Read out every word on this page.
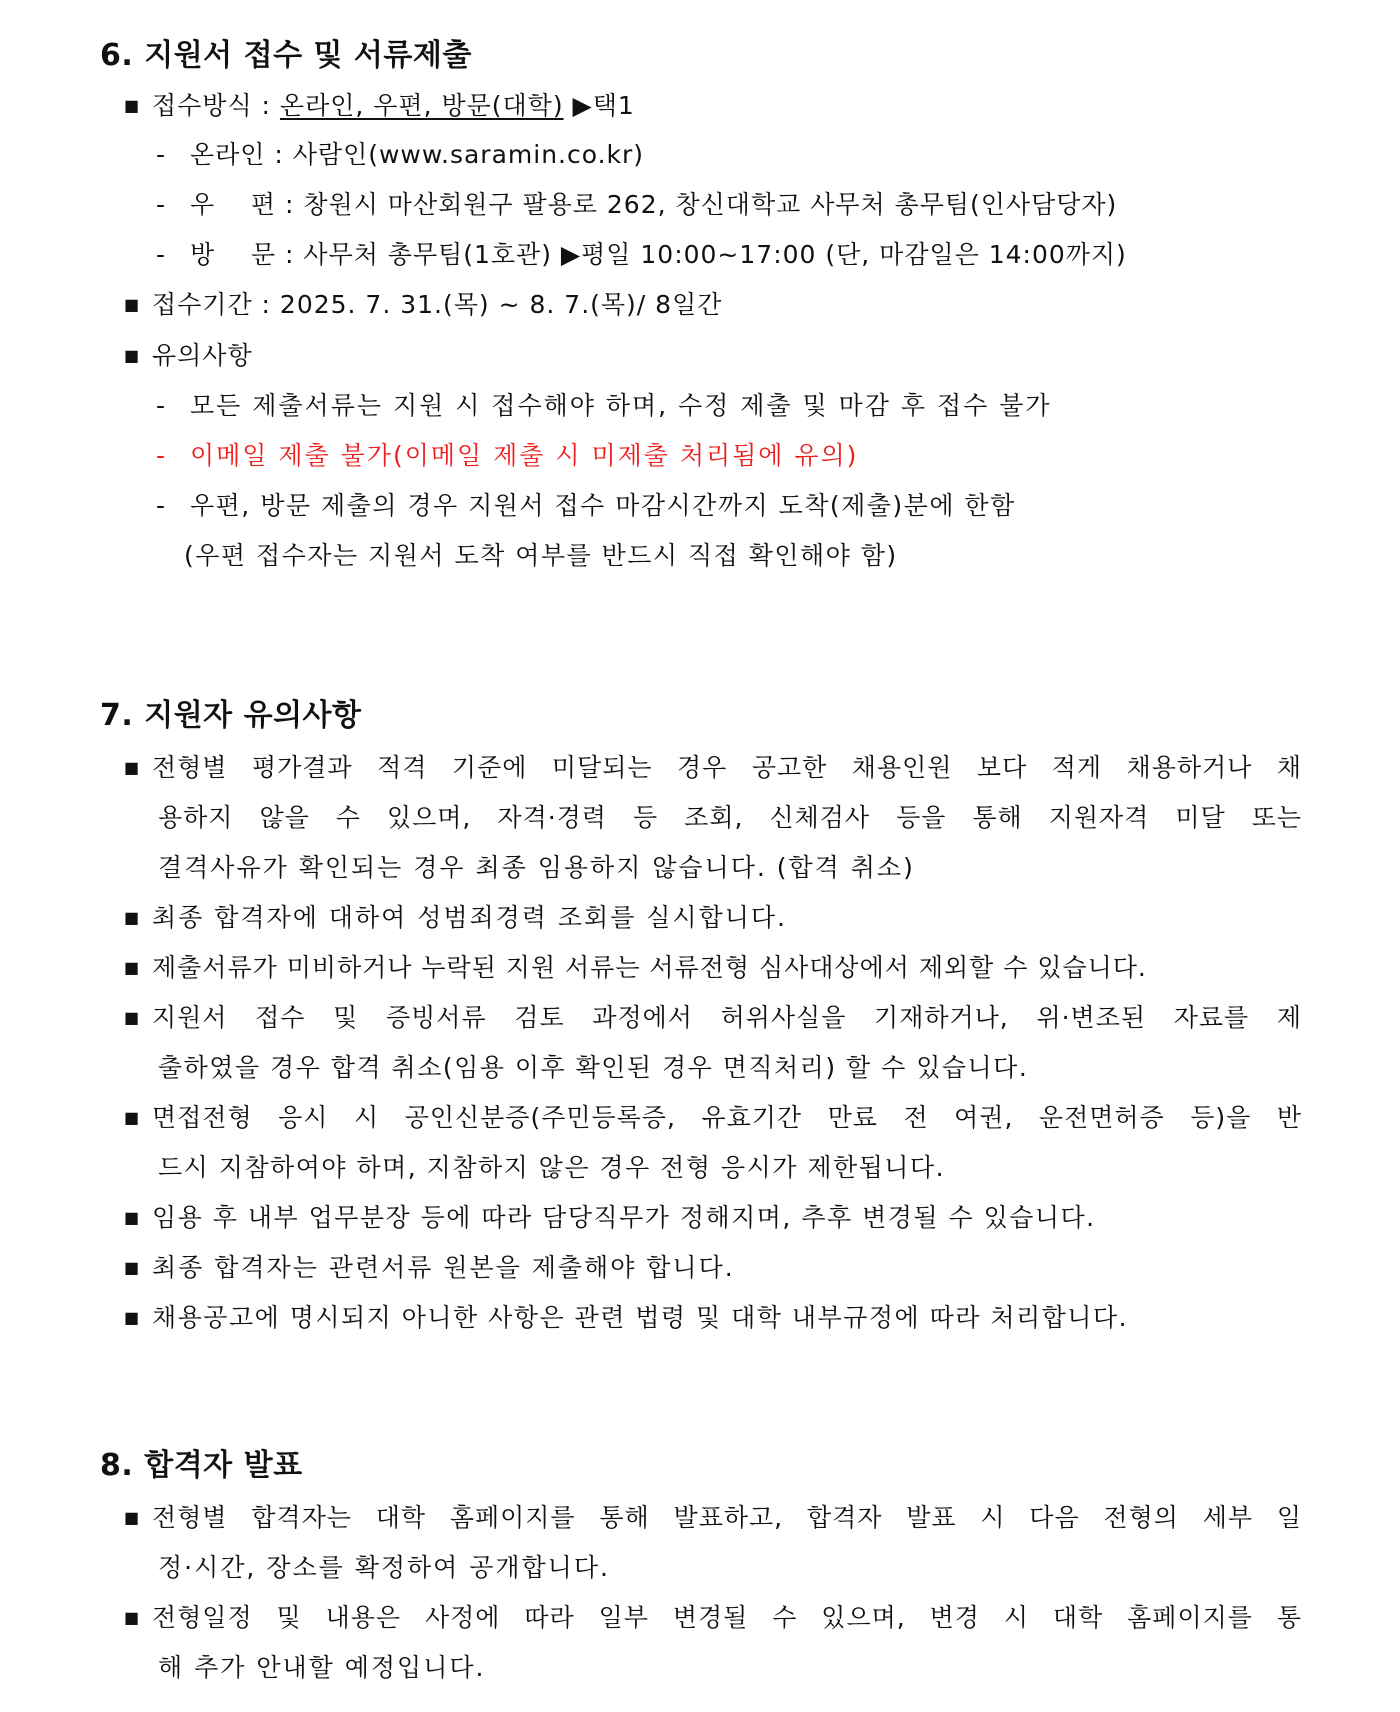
6. 지원서 접수 및 서류제출
■ 접수방식 : 온라인, 우편, 방문(대학) ▶택1
- 온라인 : 사람인(www.saramin.co.kr)
- 우    편 : 창원시 마산회원구 팔용로 262, 창신대학교 사무처 총무팀(인사담당자)
- 방    문 : 사무처 총무팀(1호관) ▶평일 10:00~17:00 (단, 마감일은 14:00까지)
■ 접수기간 : 2025. 7. 31.(목) ~ 8. 7.(목)/ 8일간
■ 유의사항
- 모든 제출서류는 지원 시 접수해야 하며, 수정 제출 및 마감 후 접수 불가
- 이메일 제출 불가(이메일 제출 시 미제출 처리됨에 유의)
- 우편, 방문 제출의 경우 지원서 접수 마감시간까지 도착(제출)분에 한함
(우편 접수자는 지원서 도착 여부를 반드시 직접 확인해야 함)
7. 지원자 유의사항
■ 전형별 평가결과 적격 기준에 미달되는 경우 공고한 채용인원 보다 적게 채용하거나 채
용하지 않을 수 있으며, 자격·경력 등 조회, 신체검사 등을 통해 지원자격 미달 또는
결격사유가 확인되는 경우 최종 임용하지 않습니다. (합격 취소)
■ 최종 합격자에 대하여 성범죄경력 조회를 실시합니다.
■ 제출서류가 미비하거나 누락된 지원 서류는 서류전형 심사대상에서 제외할 수 있습니다.
■ 지원서 접수 및 증빙서류 검토 과정에서 허위사실을 기재하거나, 위·변조된 자료를 제
출하였을 경우 합격 취소(임용 이후 확인된 경우 면직처리) 할 수 있습니다.
■ 면접전형 응시 시 공인신분증(주민등록증, 유효기간 만료 전 여권, 운전면허증 등)을 반
드시 지참하여야 하며, 지참하지 않은 경우 전형 응시가 제한됩니다.
■ 임용 후 내부 업무분장 등에 따라 담당직무가 정해지며, 추후 변경될 수 있습니다.
■ 최종 합격자는 관련서류 원본을 제출해야 합니다.
■ 채용공고에 명시되지 아니한 사항은 관련 법령 및 대학 내부규정에 따라 처리합니다.
8. 합격자 발표
■ 전형별 합격자는 대학 홈페이지를 통해 발표하고, 합격자 발표 시 다음 전형의 세부 일
정·시간, 장소를 확정하여 공개합니다.
■ 전형일정 및 내용은 사정에 따라 일부 변경될 수 있으며, 변경 시 대학 홈페이지를 통
해 추가 안내할 예정입니다.
